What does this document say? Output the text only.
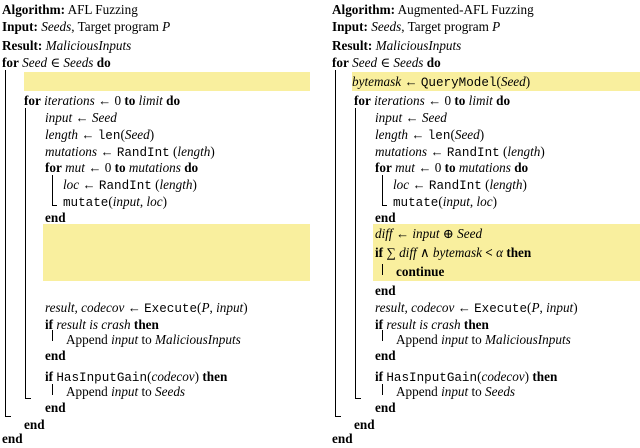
Algorithm: AFL Fuzzing
Input: Seeds, Target program P
Result: MaliciousInputs
for Seed ∈ Seeds do
for iterations ← 0 to limit do
input ← Seed
length ← len(Seed)
mutations ← RandInt (length)
for mut ← 0 to mutations do
loc ← RandInt (length)
mutate(input, loc)
end
result, codecov ← Execute(P, input)
if result is crash then
Append input to MaliciousInputs
end
if HasInputGain(codecov) then
Append input to Seeds
end
end
end
Algorithm: Augmented-AFL Fuzzing
Input: Seeds, Target program P
Result: MaliciousInputs
for Seed ∈ Seeds do
bytemask ← QueryModel(Seed)
for iterations ← 0 to limit do
input ← Seed
length ← len(Seed)
mutations ← RandInt (length)
for mut ← 0 to mutations do
loc ← RandInt (length)
mutate(input, loc)
end
diff ← input ⊕ Seed
if ∑ diff ∧ bytemask < α then
continue
end
result, codecov ← Execute(P, input)
if result is crash then
Append input to MaliciousInputs
end
if HasInputGain(codecov) then
Append input to Seeds
end
end
end
